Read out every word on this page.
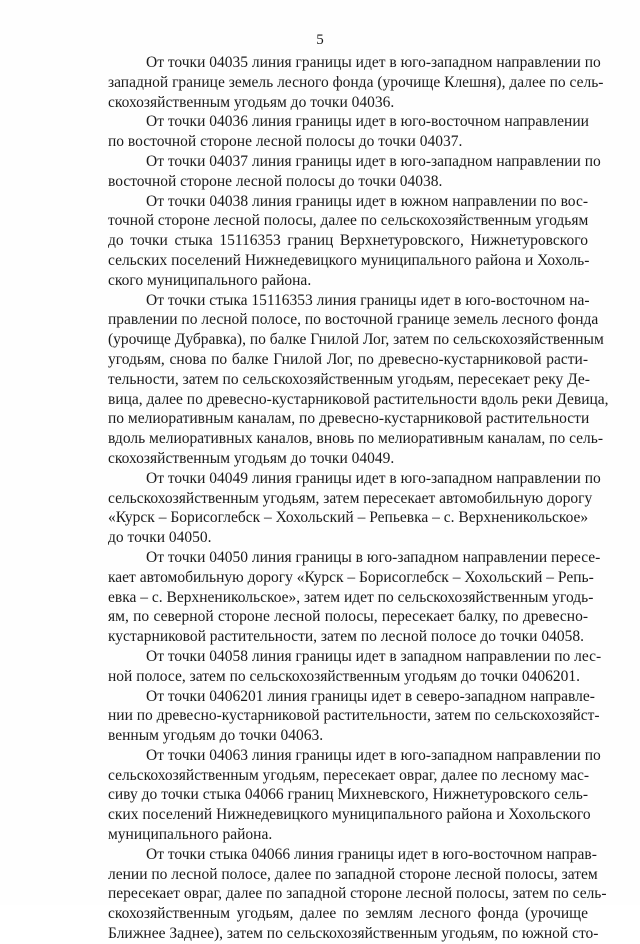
5
От точки 04035 линия границы идет в юго-западном направлении по
западной границе земель лесного фонда (урочище Клешня), далее по сель-
скохозяйственным угодьям до точки 04036.
От точки 04036 линия границы идет в юго-восточном направлении
по восточной стороне лесной полосы до точки 04037.
От точки 04037 линия границы идет в юго-западном направлении по
восточной стороне лесной полосы до точки 04038.
От точки 04038 линия границы идет в южном направлении по вос-
точной стороне лесной полосы, далее по сельскохозяйственным угодьям
до точки стыка 15116353 границ Верхнетуровского, Нижнетуровского
сельских поселений Нижнедевицкого муниципального района и Хохоль-
ского муниципального района.
От точки стыка 15116353 линия границы идет в юго-восточном на-
правлении по лесной полосе, по восточной границе земель лесного фонда
(урочище Дубравка), по балке Гнилой Лог, затем по сельскохозяйственным
угодьям, снова по балке Гнилой Лог, по древесно-кустарниковой расти-
тельности, затем по сельскохозяйственным угодьям, пересекает реку Де-
вица, далее по древесно-кустарниковой растительности вдоль реки Девица,
по мелиоративным каналам, по древесно-кустарниковой растительности
вдоль мелиоративных каналов, вновь по мелиоративным каналам, по сель-
скохозяйственным угодьям до точки 04049.
От точки 04049 линия границы идет в юго-западном направлении по
сельскохозяйственным угодьям, затем пересекает автомобильную дорогу
«Курск – Борисоглебск – Хохольский – Репьевка – с. Верхненикольское»
до точки 04050.
От точки 04050 линия границы в юго-западном направлении пересе-
кает автомобильную дорогу «Курск – Борисоглебск – Хохольский – Репь-
евка – с. Верхненикольское», затем идет по сельскохозяйственным угодь-
ям, по северной стороне лесной полосы, пересекает балку, по древесно-
кустарниковой растительности, затем по лесной полосе до точки 04058.
От точки 04058 линия границы идет в западном направлении по лес-
ной полосе, затем по сельскохозяйственным угодьям до точки 0406201.
От точки 0406201 линия границы идет в северо-западном направле-
нии по древесно-кустарниковой растительности, затем по сельскохозяйст-
венным угодьям до точки 04063.
От точки 04063 линия границы идет в юго-западном направлении по
сельскохозяйственным угодьям, пересекает овраг, далее по лесному мас-
сиву до точки стыка 04066 границ Михневского, Нижнетуровского сель-
ских поселений Нижнедевицкого муниципального района и Хохольского
муниципального района.
От точки стыка 04066 линия границы идет в юго-восточном направ-
лении по лесной полосе, далее по западной стороне лесной полосы, затем
пересекает овраг, далее по западной стороне лесной полосы, затем по сель-
скохозяйственным угодьям, далее по землям лесного фонда (урочище
Ближнее Заднее), затем по сельскохозяйственным угодьям, по южной сто-
